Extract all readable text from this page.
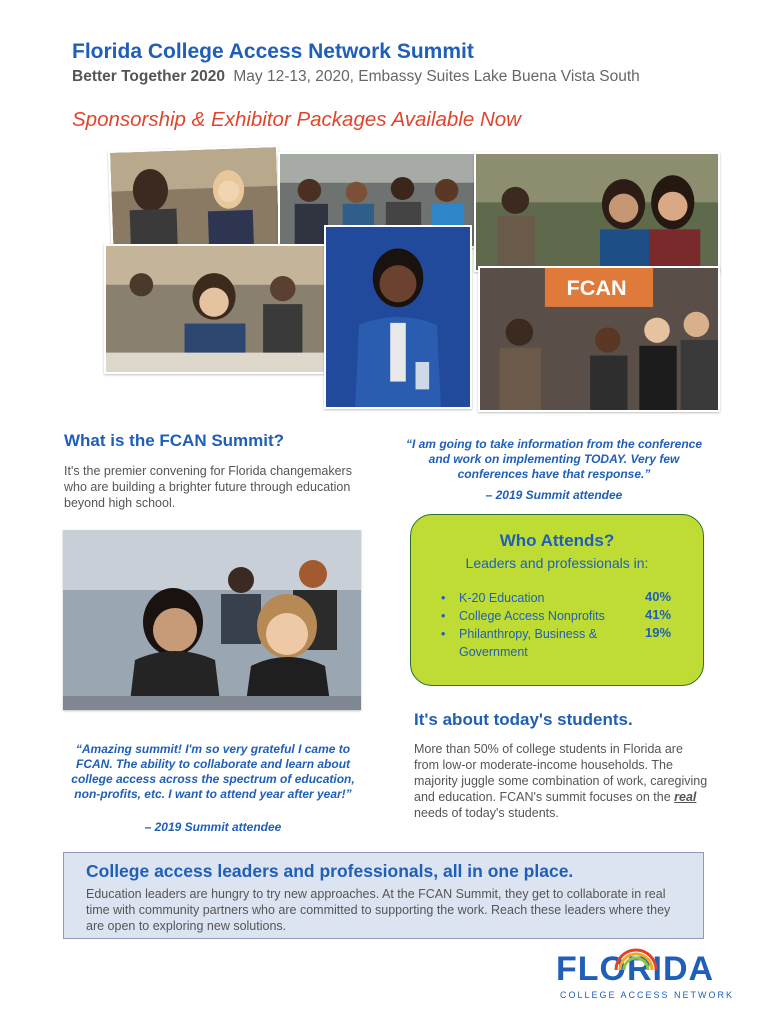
Florida College Access Network Summit
Better Together 2020 May 12-13, 2020, Embassy Suites Lake Buena Vista South
Sponsorship & Exhibitor Packages Available Now
FCAN
What is the FCAN Summit?
It's the premier convening for Florida changemakers who are building a brighter future through education beyond high school.
“I am going to take information from the conference and work on implementing TODAY. Very few conferences have that response.”
– 2019 Summit attendee
Who Attends?
Leaders and professionals in:
• K-20 Education	40%
• College Access Nonprofits	41%
• Philanthropy, Business & Government
19%
It's about today's students.
More than 50% of college students in Florida are from low-or moderate-income households. The majority juggle some combination of work, caregiving and education. FCAN's summit focuses on the real needs of today's students.
“Amazing summit! I'm so very grateful I came to FCAN. The ability to collaborate and learn about college access across the spectrum of education, non-profits, etc. I want to attend year after year!”
– 2019 Summit attendee
College access leaders and professionals, all in one place.
Education leaders are hungry to try new approaches. At the FCAN Summit, they get to collaborate in real time with community partners who are committed to supporting the work. Reach these leaders where they are open to exploring new solutions.
FLORIDA
COLLEGE ACCESS NETWORK
